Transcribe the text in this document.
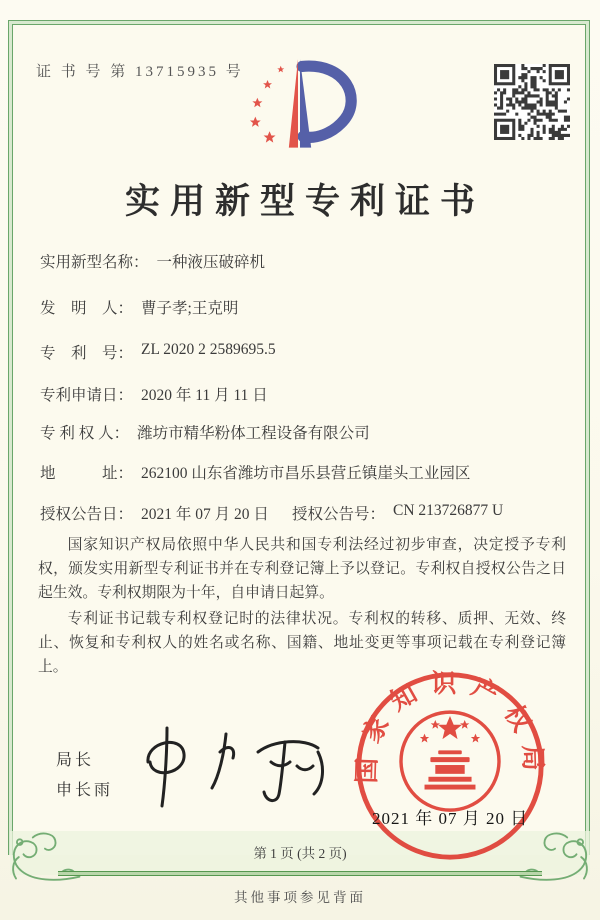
证 书 号 第 13715935 号
实用新型专利证书
实用新型名称： 一种液压破碎机
发　明　人： 曹子孝;王克明
专　利　号： ZL 2020 2 2589695.5
专利申请日： 2020 年 11 月 11 日
专 利 权 人： 潍坊市精华粉体工程设备有限公司
地　　　址： 262100 山东省潍坊市昌乐县营丘镇崖头工业园区
授权公告日： 2021 年 07 月 20 日 授权公告号： CN 213726877 U

国家知识产权局依照中华人民共和国专利法经过初步审查，决定授予专利权，颁发实用新型专利证书并在专利登记簿上予以登记。专利权自授权公告之日起生效。专利权期限为十年，自申请日起算。

专利证书记载专利权登记时的法律状况。专利权的转移、质押、无效、终止、恢复和专利权人的姓名或名称、国籍、地址变更等事项记载在专利登记簿上。

局长
申长雨
国家知识产权局
2021 年 07 月 20 日
第 1 页 (共 2 页)
其他事项参见背面
